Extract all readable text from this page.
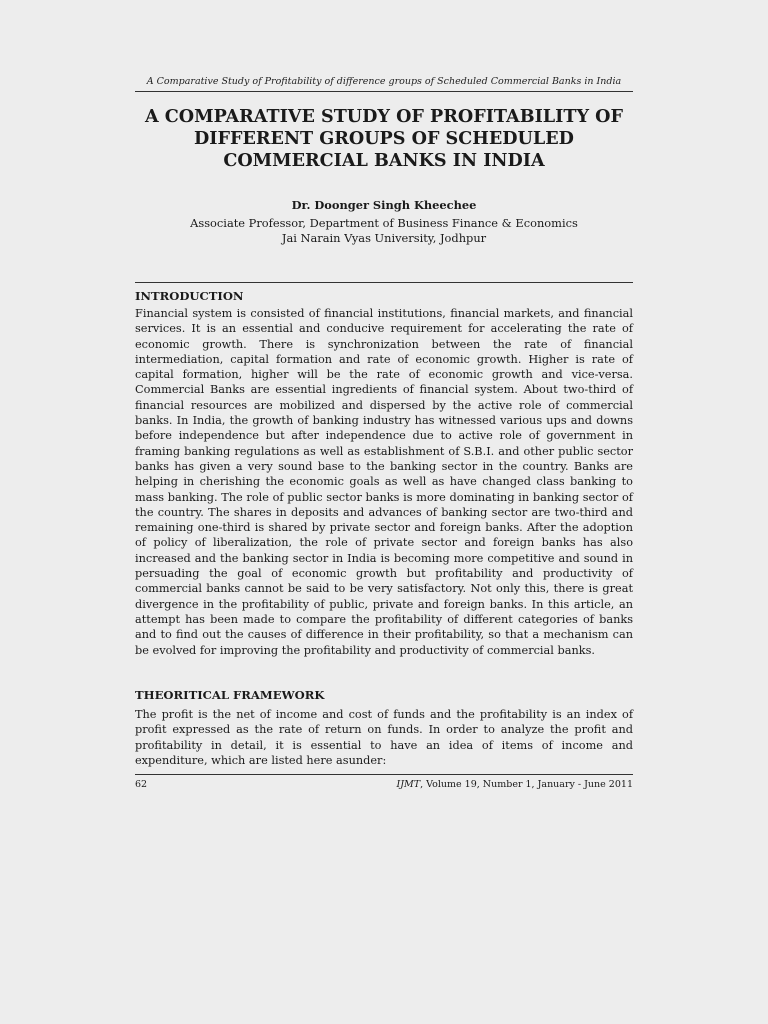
A Comparative Study of Profitability of difference groups of Scheduled Commercial Banks in India
A COMPARATIVE STUDY OF PROFITABILITY OF DIFFERENT GROUPS OF SCHEDULED COMMERCIAL BANKS IN INDIA
Dr. Doonger Singh Kheechee
Associate Professor, Department of Business Finance & Economics
Jai Narain Vyas University, Jodhpur
INTRODUCTION

Financial system is consisted of financial institutions, financial markets, and financial services. It is an essential and conducive requirement for accelerating the rate of economic growth. There is synchronization between the rate of financial intermediation, capital formation and rate of economic growth. Higher is rate of capital formation, higher will be the rate of economic growth and vice-versa. Commercial Banks are essential ingredients of financial system. About two-third of financial resources are mobilized and dispersed by the active role of commercial banks. In India, the growth of banking industry has witnessed various ups and downs before independence but after independence due to active role of government in framing banking regulations as well as establishment of S.B.I. and other public sector banks has given a very sound base to the banking sector in the country. Banks are helping in cherishing the economic goals as well as have changed class banking to mass banking. The role of public sector banks is more dominating in banking sector of the country. The shares in deposits and advances of banking sector are two-third and remaining one-third is shared by private sector and foreign banks. After the adoption of policy of liberalization, the role of private sector and foreign banks has also increased and the banking sector in India is becoming more competitive and sound in persuading the goal of economic growth but profitability and productivity of commercial banks cannot be said to be very satisfactory. Not only this, there is great divergence in the profitability of public, private and foreign banks. In this article, an attempt has been made to compare the profitability of different categories of banks and to find out the causes of difference in their profitability, so that a mechanism can be evolved for improving the profitability and productivity of commercial banks.

THEORITICAL FRAMEWORK

The profit is the net of income and cost of funds and the profitability is an index of profit expressed as the rate of return on funds. In order to analyze the profit and profitability in detail, it is essential to have an idea of items of income and expenditure, which are listed here asunder:

62	IJMT, Volume 19, Number 1, January - June 2011
